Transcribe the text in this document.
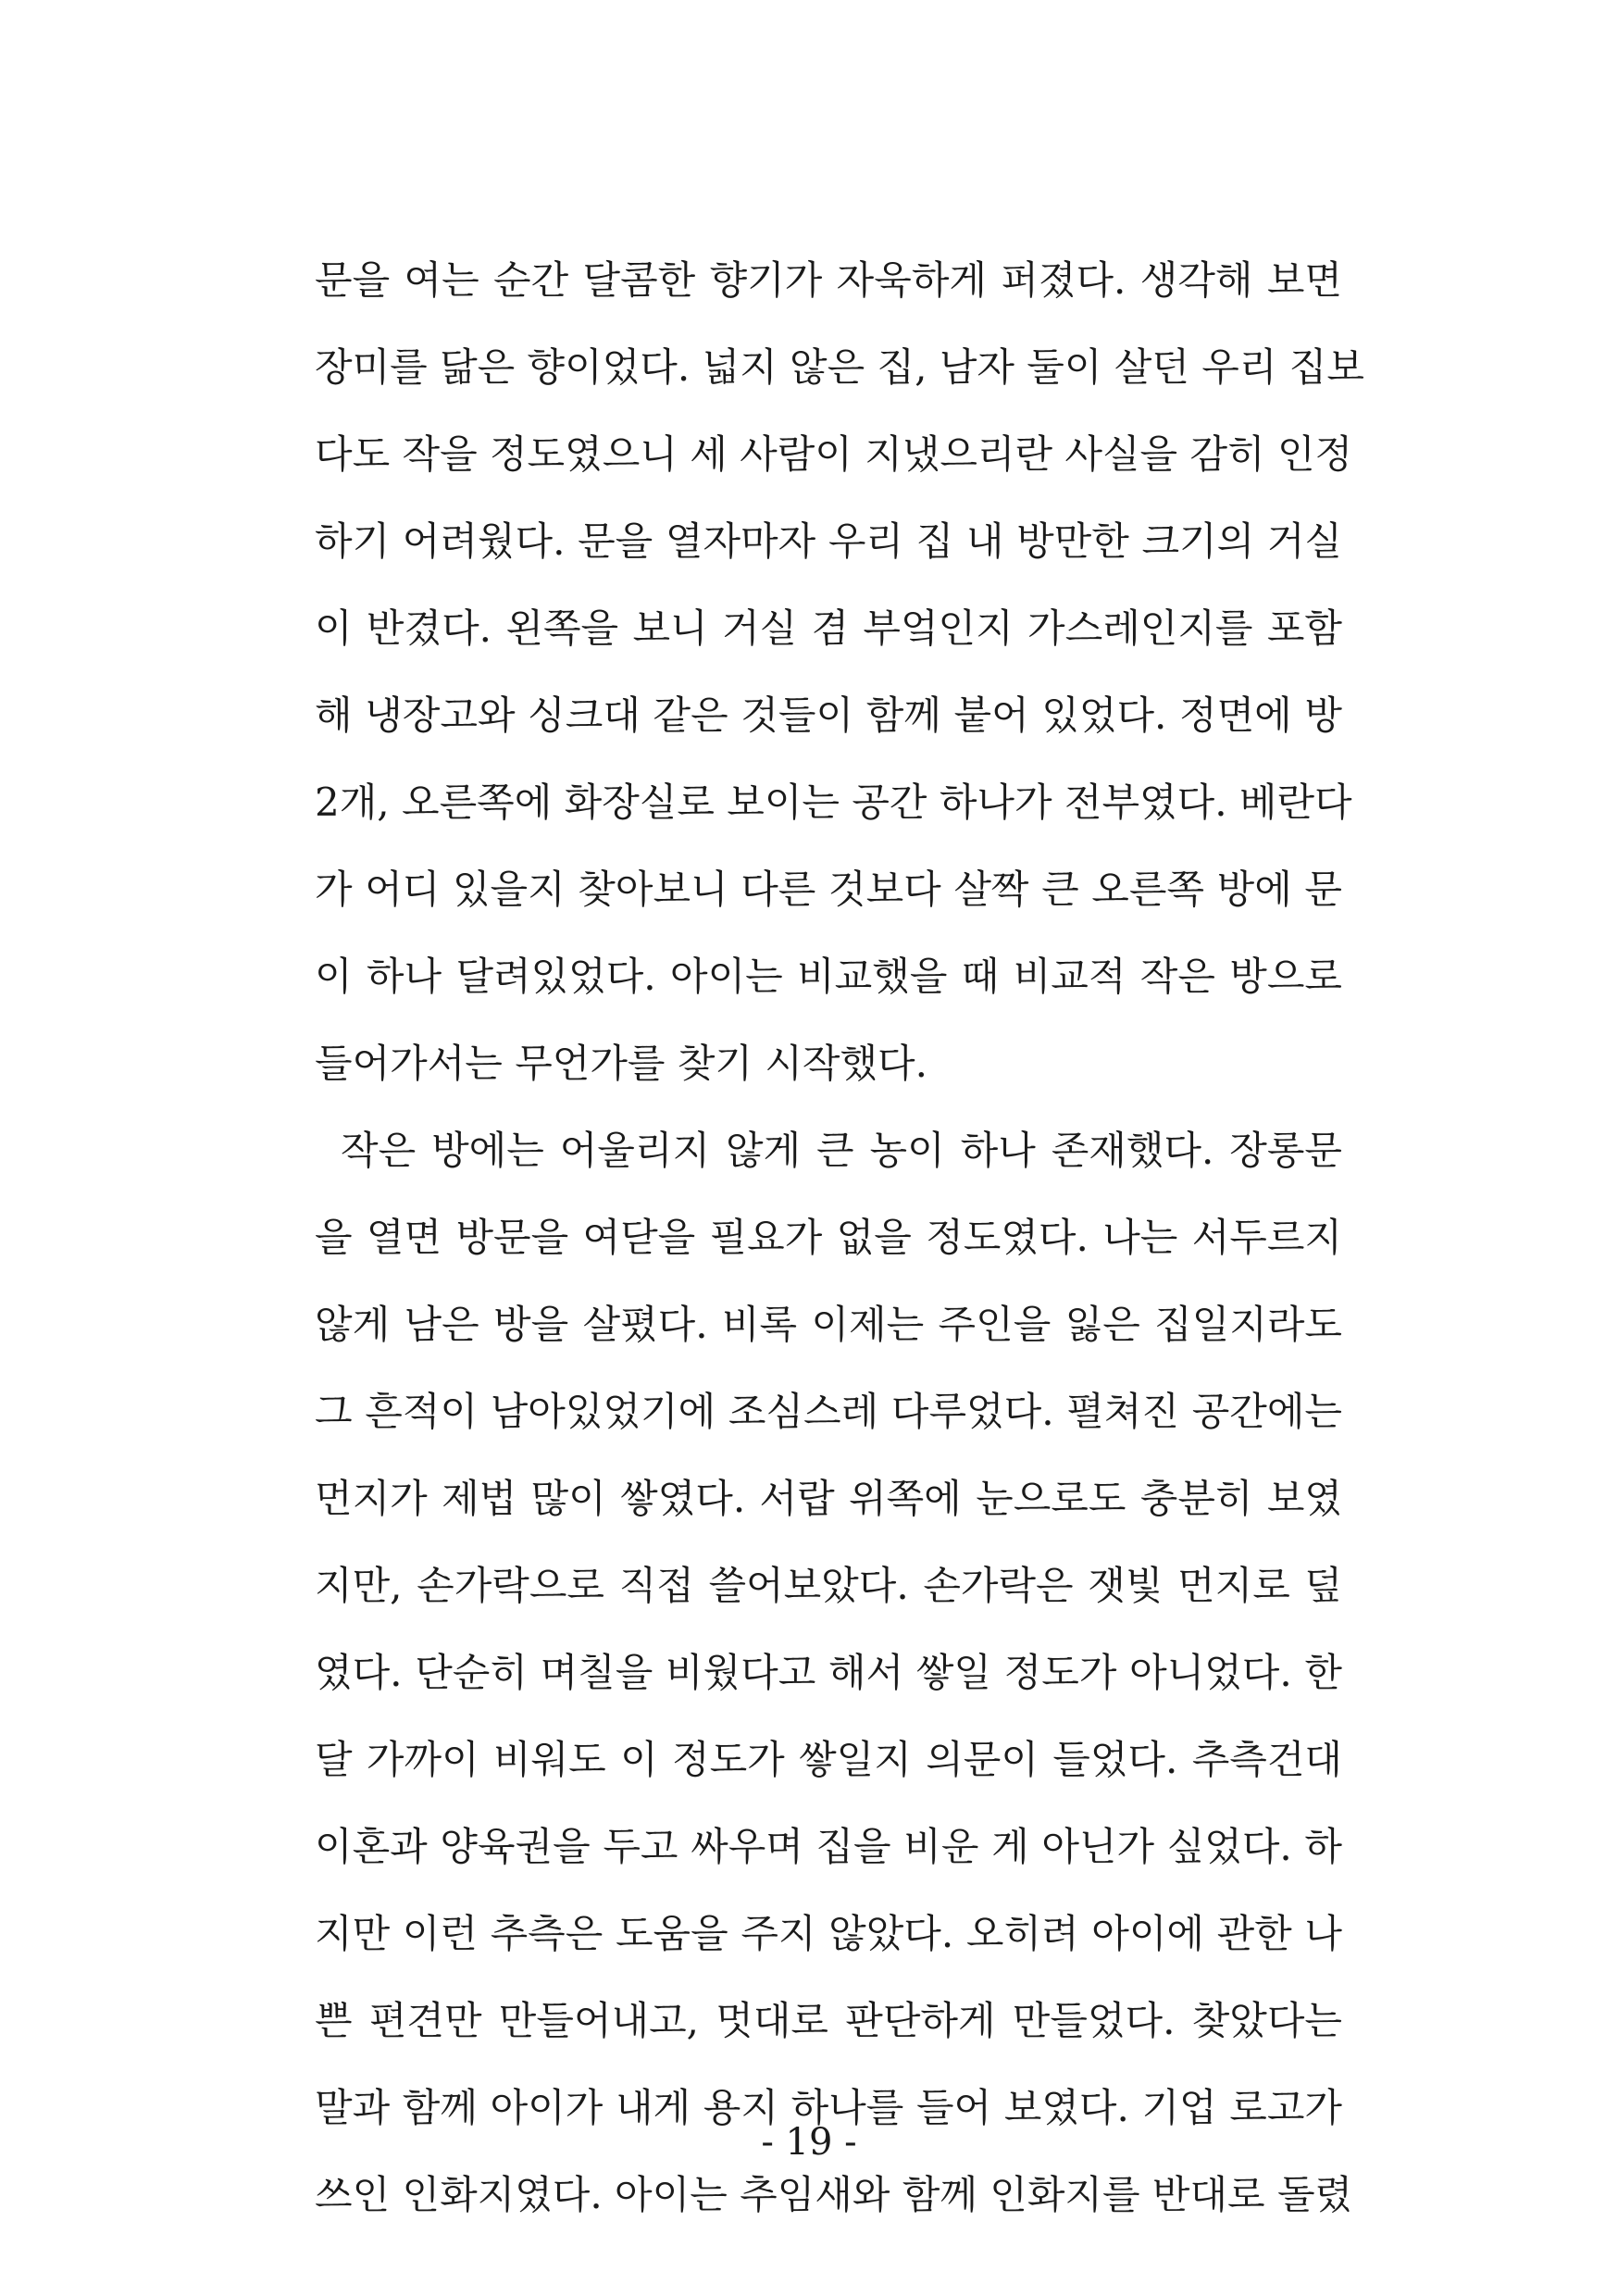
문을 여는 순간 달콤한 향기가 자욱하게 퍼졌다. 생각해 보면
장미를 닮은 향이었다. 넓지 않은 집, 남자 둘이 살던 우리 집보
다도 작을 정도였으니 세 사람이 지냈으리란 사실을 감히 인정
하기 어려웠다. 문을 열자마자 우리 집 내 방만한 크기의 거실
이 반겼다. 왼쪽을 보니 거실 겸 부엌인지 가스레인지를 포함
해 냉장고와 싱크대 같은 것들이 함께 붙어 있었다. 정면에 방
2개, 오른쪽에 화장실로 보이는 공간 하나가 전부였다. 베란다
가 어디 있을지 찾아보니 다른 것보다 살짝 큰 오른쪽 방에 문
이 하나 달려있었다. 아이는 비교했을 때 비교적 작은 방으로
들어가서는 무언가를 찾기 시작했다.
작은 방에는 어울리지 않게 큰 농이 하나 존재했다. 장롱문
을 열면 방문을 여닫을 필요가 없을 정도였다. 나는 서두르지
않게 남은 방을 살폈다. 비록 이제는 주인을 잃은 집일지라도
그 흔적이 남아있었기에 조심스레 다루었다. 펼쳐진 공간에는
먼지가 제법 많이 쌓였다. 서랍 위쪽에 눈으로도 충분히 보였
지만, 손가락으로 직접 쓸어보았다. 손가락은 잿빛 먼지로 덮
였다. 단순히 며칠을 비웠다고 해서 쌓일 정도가 아니었다. 한
달 가까이 비워도 이 정도가 쌓일지 의문이 들었다. 추측건대
이혼과 양육권을 두고 싸우며 집을 비운 게 아닌가 싶었다. 하
지만 이런 추측은 도움을 주지 않았다. 오히려 아이에 관한 나
쁜 편견만 만들어내고, 멋대로 판단하게 만들었다. 찾았다는
말과 함께 아이가 내게 용지 하나를 들어 보였다. 기업 로고가
쓰인 인화지였다. 아이는 추임새와 함께 인화지를 반대로 돌렸
- 19 -
